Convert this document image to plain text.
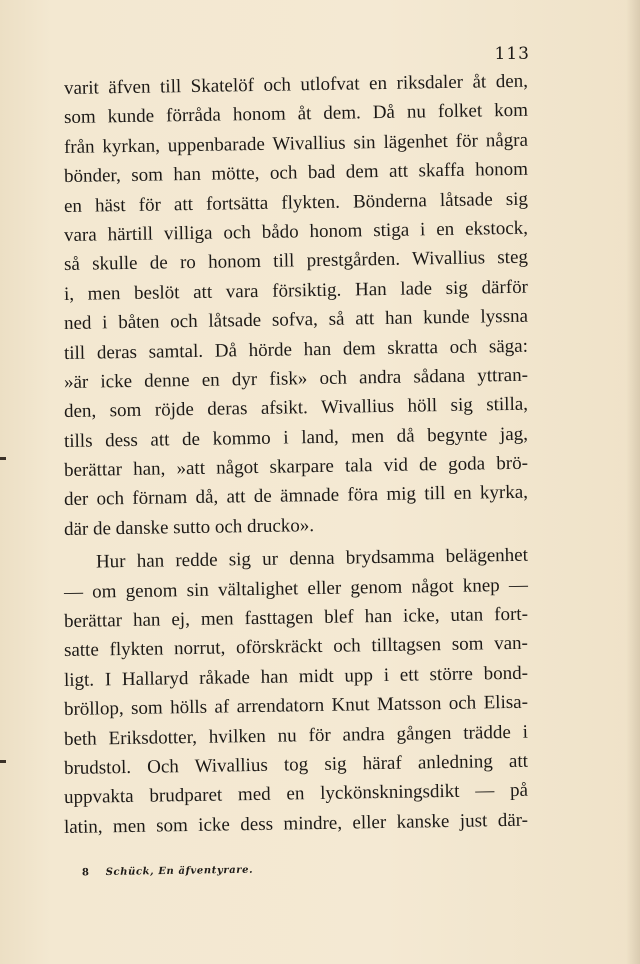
113
varit äfven till Skatelöf och utlofvat en riksdaler åt den,
som kunde förråda honom åt dem. Då nu folket kom
från kyrkan, uppenbarade Wivallius sin lägenhet för några
bönder, som han mötte, och bad dem att skaffa honom
en häst för att fortsätta flykten. Bönderna låtsade sig
vara härtill villiga och bådo honom stiga i en ekstock,
så skulle de ro honom till prestgården. Wivallius steg
i, men beslöt att vara försiktig. Han lade sig därför
ned i båten och låtsade sofva, så att han kunde lyssna
till deras samtal. Då hörde han dem skratta och säga:
»är icke denne en dyr fisk» och andra sådana yttran-
den, som röjde deras afsikt. Wivallius höll sig stilla,
tills dess att de kommo i land, men då begynte jag,
berättar han, »att något skarpare tala vid de goda brö-
der och förnam då, att de ämnade föra mig till en kyrka,
där de danske sutto och drucko».
Hur han redde sig ur denna brydsamma belägenhet
— om genom sin vältalighet eller genom något knep —
berättar han ej, men fasttagen blef han icke, utan fort-
satte flykten norrut, oförskräckt och tilltagsen som van-
ligt. I Hallaryd råkade han midt upp i ett större bond-
bröllop, som hölls af arrendatorn Knut Matsson och Elisa-
beth Eriksdotter, hvilken nu för andra gången trädde i
brudstol. Och Wivallius tog sig häraf anledning att
uppvakta brudparet med en lyckönskningsdikt — på
latin, men som icke dess mindre, eller kanske just där-
8 Schück, En äfventyrare.
